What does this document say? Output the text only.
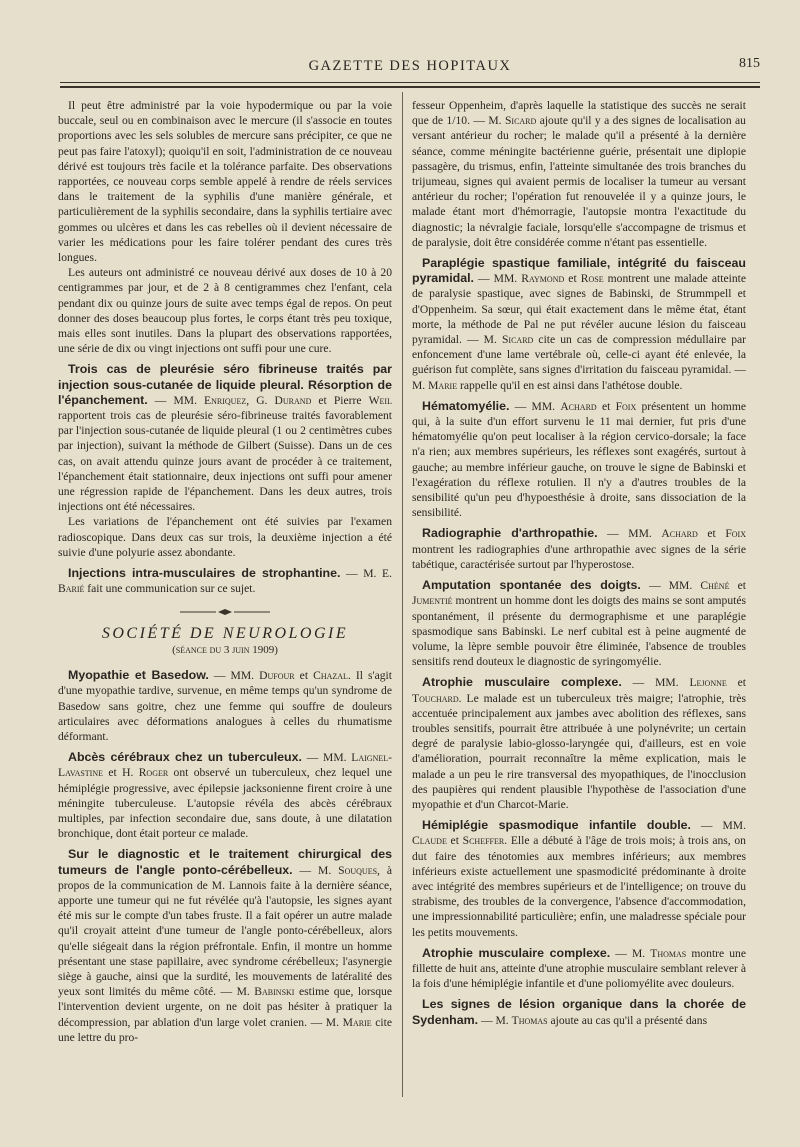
GAZETTE DES HOPITAUX	815

Il peut être administré par la voie hypodermique ou par la voie buccale, seul ou en combinaison avec le mercure (il s'associe en toutes proportions avec les sels solubles de mercure sans précipiter, ce que ne peut pas faire l'atoxyl); quoiqu'il en soit, l'administration de ce nouveau dérivé est toujours très facile et la tolérance parfaite. Des observations rapportées, ce nouveau corps semble appelé à rendre de réels services dans le traitement de la syphilis d'une manière générale, et particulièrement de la syphilis secondaire, dans la syphilis tertiaire avec gommes ou ulcères et dans les cas rebelles où il devient nécessaire de varier les médications pour les faire tolérer pendant des cures très longues.

Les auteurs ont administré ce nouveau dérivé aux doses de 10 à 20 centigrammes par jour, et de 2 à 8 centigrammes chez l'enfant, cela pendant dix ou quinze jours de suite avec temps égal de repos. On peut donner des doses beaucoup plus fortes, le corps étant très peu toxique, mais elles sont inutiles. Dans la plupart des observations rapportées, une série de dix ou vingt injections ont suffi pour une cure.

Trois cas de pleurésie séro fibrineuse traités par injection sous-cutanée de liquide pleural. Résorption de l'épanchement. — MM. Enriquez, G. Durand et Pierre Weil rapportent trois cas de pleurésie séro-fibrineuse traités favorablement par l'injection sous-cutanée de liquide pleural (1 ou 2 centimètres cubes par injection), suivant la méthode de Gilbert (Suisse). Dans un de ces cas, on avait attendu quinze jours avant de procéder à ce traitement, l'épanchement était stationnaire, deux injections ont suffi pour amener une régression rapide de l'épanchement. Dans les deux autres, trois injections ont été nécessaires.

Les variations de l'épanchement ont été suivies par l'examen radioscopique. Dans deux cas sur trois, la deuxième injection a été suivie d'une polyurie assez abondante.

Injections intra-musculaires de strophantine. — M. E. Barié fait une communication sur ce sujet.

SOCIÉTÉ DE NEUROLOGIE
(séance du 3 juin 1909)

Myopathie et Basedow. — MM. Dufour et Chazal. Il s'agit d'une myopathie tardive, survenue, en même temps qu'un syndrome de Basedow sans goitre, chez une femme qui souffre de douleurs articulaires avec déformations analogues à celles du rhumatisme déformant.

Abcès cérébraux chez un tuberculeux. — MM. Laignel-Lavastine et H. Roger ont observé un tuberculeux, chez lequel une hémiplégie progressive, avec épilepsie jacksonienne firent croire à une méningite tuberculeuse. L'autopsie révéla des abcès cérébraux multiples, par infection secondaire due, sans doute, à une dilatation bronchique, dont était porteur ce malade.

Sur le diagnostic et le traitement chirurgical des tumeurs de l'angle ponto-cérébelleux. — M. Souques, à propos de la communication de M. Lannois faite à la dernière séance, apporte une tumeur qui ne fut révélée qu'à l'autopsie, les signes ayant été mis sur le compte d'un tabes fruste. Il a fait opérer un autre malade qu'il croyait atteint d'une tumeur de l'angle ponto-cérébelleux, alors qu'elle siégeait dans la région préfrontale. Enfin, il montre un homme présentant une stase papillaire, avec syndrome cérébelleux; l'asynergie siège à gauche, ainsi que la surdité, les mouvements de latéralité des yeux sont limités du même côté. — M. Babinski estime que, lorsque l'intervention devient urgente, on ne doit pas hésiter à pratiquer la décompression, par ablation d'un large volet cranien. — M. Marie cite une lettre du pro-

fesseur Oppenheim, d'après laquelle la statistique des succès ne serait que de 1/10. — M. Sicard ajoute qu'il y a des signes de localisation au versant antérieur du rocher; le malade qu'il a présenté à la dernière séance, comme méningite bactérienne guérie, présentait une diplopie passagère, du trismus, enfin, l'atteinte simultanée des trois branches du trijumeau, signes qui avaient permis de localiser la tumeur au versant antérieur du rocher; l'opération fut renouvelée il y a quinze jours, le malade étant mort d'hémorragie, l'autopsie montra l'exactitude du diagnostic; la névralgie faciale, lorsqu'elle s'accompagne de trismus et de paralysie, doit être considérée comme n'étant pas essentielle.

Paraplégie spastique familiale, intégrité du faisceau pyramidal. — MM. Raymond et Rose montrent une malade atteinte de paralysie spastique, avec signes de Babinski, de Strummpell et d'Oppenheim. Sa sœur, qui était exactement dans le même état, étant morte, la méthode de Pal ne put révéler aucune lésion du faisceau pyramidal. — M. Sicard cite un cas de compression médullaire par enfoncement d'une lame vertébrale où, celle-ci ayant été enlevée, la guérison fut complète, sans signes d'irritation du faisceau pyramidal. — M. Marie rappelle qu'il en est ainsi dans l'athétose double.

Hématomyélie. — MM. Achard et Foix présentent un homme qui, à la suite d'un effort survenu le 11 mai dernier, fut pris d'une hématomyélie qu'on peut localiser à la région cervico-dorsale; la face n'a rien; aux membres supérieurs, les réflexes sont exagérés, surtout à gauche; au membre inférieur gauche, on trouve le signe de Babinski et l'exagération du réflexe rotulien. Il n'y a d'autres troubles de la sensibilité qu'un peu d'hypoesthésie à droite, sans dissociation de la sensibilité.

Radiographie d'arthropathie. — MM. Achard et Foix montrent les radiographies d'une arthropathie avec signes de la série tabétique, caractérisée surtout par l'hyperostose.

Amputation spontanée des doigts. — MM. Chéné et Jumentié montrent un homme dont les doigts des mains se sont amputés spontanément, il présente du dermographisme et une paraplégie spasmodique sans Babinski. Le nerf cubital est à peine augmenté de volume, la lèpre semble pouvoir être éliminée, l'absence de troubles sensitifs rend douteux le diagnostic de syringomyélie.

Atrophie musculaire complexe. — MM. Lejonne et Touchard. Le malade est un tuberculeux très maigre; l'atrophie, très accentuée principalement aux jambes avec abolition des réflexes, sans troubles sensitifs, pourrait être attribuée à une polynévrite; un certain degré de paralysie labio-glosso-laryngée qui, d'ailleurs, est en voie d'amélioration, pourrait reconnaître la même explication, mais le malade a un peu le rire transversal des myopathiques, de l'inocclusion des paupières qui rendent plausible l'hypothèse de l'association d'une myopathie et d'un Charcot-Marie.

Hémiplégie spasmodique infantile double. — MM. Claude et Scheffer. Elle a débuté à l'âge de trois mois; à trois ans, on dut faire des ténotomies aux membres inférieurs; aux membres inférieurs existe actuellement une spasmodicité prédominante à droite avec intégrité des membres supérieurs et de l'intelligence; on trouve du strabisme, des troubles de la convergence, l'absence d'accommodation, une impressionnabilité particulière; enfin, une maladresse spéciale pour les petits mouvements.

Atrophie musculaire complexe. — M. Thomas montre une fillette de huit ans, atteinte d'une atrophie musculaire semblant relever à la fois d'une hémiplégie infantile et d'une poliomyélite avec douleurs.

Les signes de lésion organique dans la chorée de Sydenham. — M. Thomas ajoute au cas qu'il a présenté dans
